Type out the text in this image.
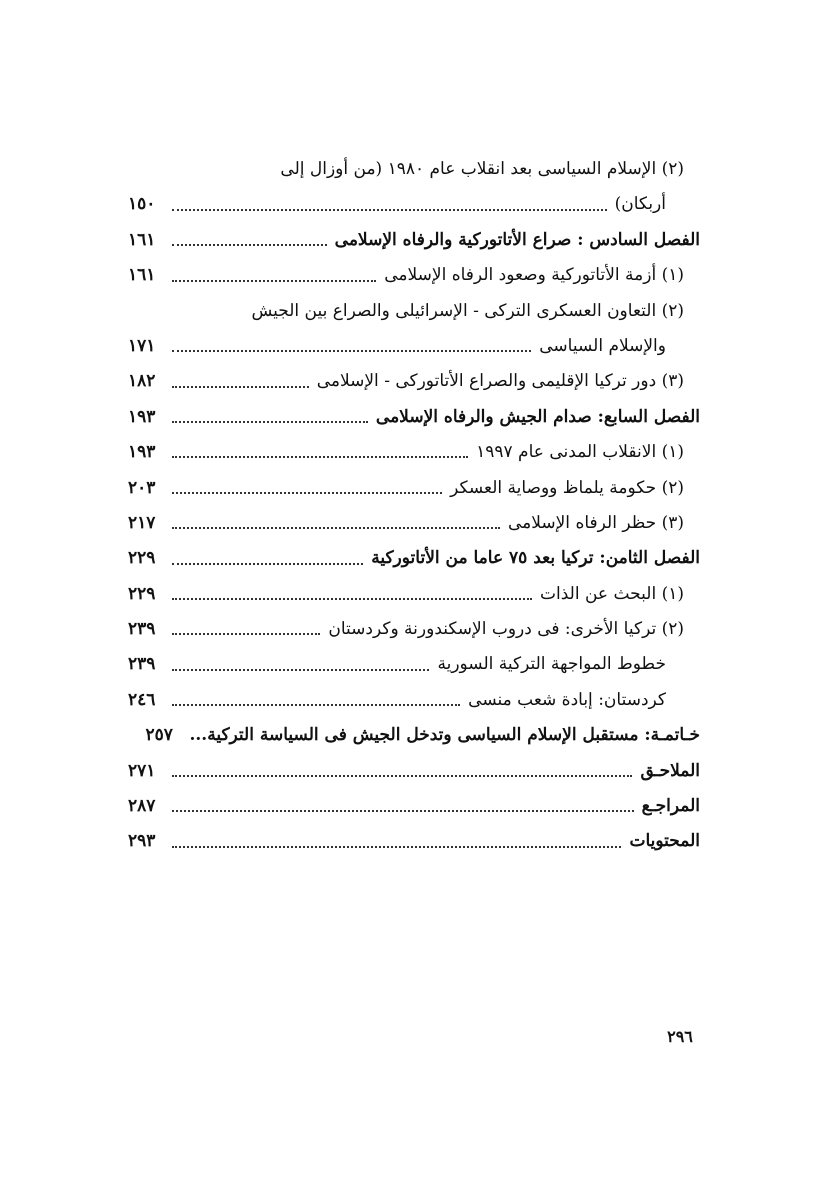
(٢) الإسلام السياسى بعد انقلاب عام ١٩٨٠ (من أوزال إلى
أربكان)
١٥٠
الفصل السادس : صراع الأتاتوركية والرفاه الإسلامى
١٦١
(١) أزمة الأتاتوركية وصعود الرفاه الإسلامى
١٦١
(٢) التعاون العسكرى التركى - الإسرائيلى والصراع بين الجيش
والإسلام السياسى
١٧١
(٣) دور تركيا الإقليمى والصراع الأتاتوركى - الإسلامى
١٨٢
الفصل السابع: صدام الجيش والرفاه الإسلامى
١٩٣
(١) الانقلاب المدنى عام ١٩٩٧
١٩٣
(٢) حكومة يلماظ ووصاية العسكر
٢٠٣
(٣) حظر الرفاه الإسلامى
٢١٧
الفصل الثامن: تركيا بعد ٧٥ عاما من الأتاتوركية
٢٢٩
(١) البحث عن الذات
٢٢٩
(٢) تركيا الأخرى: فى دروب الإسكندورنة وكردستان
٢٣٩
خطوط المواجهة التركية السورية
٢٣٩
كردستان: إبادة شعب منسى
٢٤٦
خـاتمـة: مستقبل الإسلام السياسى وتدخل الجيش فى السياسة التركية...
٢٥٧
الملاحـق
٢٧١
المراجـع
٢٨٧
المحتويات
٢٩٣
٢٩٦
